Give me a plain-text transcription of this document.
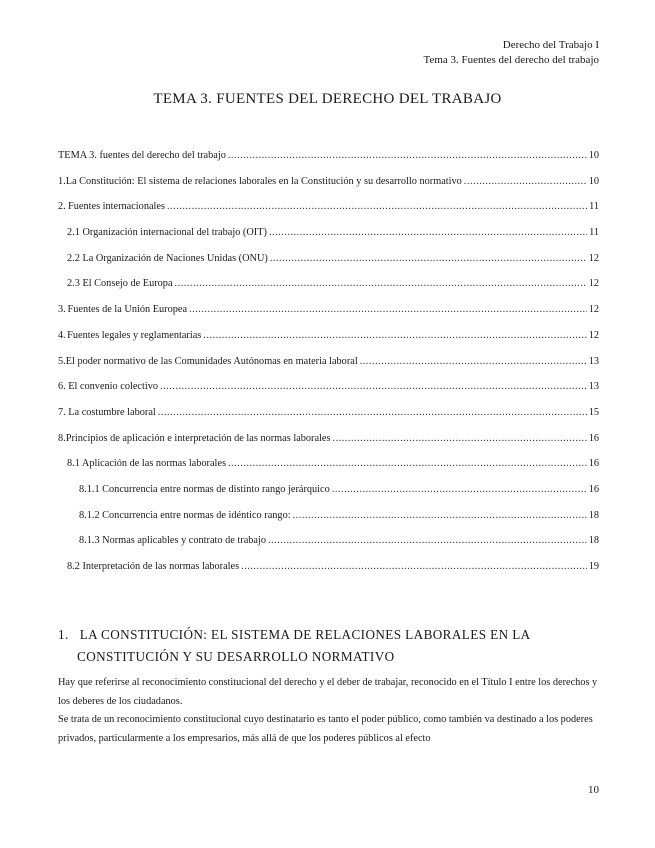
Derecho del Trabajo I
Tema 3. Fuentes del derecho del trabajo
TEMA 3. FUENTES DEL DERECHO DEL TRABAJO
TEMA 3. fuentes del derecho del trabajo .....	10
1. La Constitución: El sistema de relaciones laborales en la Constitución y su desarrollo normativo .....	10
2. Fuentes internacionales .....	11
2.1 Organización internacional del trabajo (OIT) .....	11
2.2 La Organización de Naciones Unidas (ONU) .....	12
2.3 El Consejo de Europa .....	12
3. Fuentes de la Unión Europea .....	12
4. Fuentes legales y reglamentarias .....	12
5. El poder normativo de las Comunidades Autónomas en materia laboral .....	13
6. El convenio colectivo .....	13
7. La costumbre laboral .....	15
8. Principios de aplicación e interpretación de las normas laborales .....	16
8.1 Aplicación de las normas laborales .....	16
8.1.1 Concurrencia entre normas de distinto rango jerárquico .....	16
8.1.2 Concurrencia entre normas de idéntico rango: .....	18
8.1.3 Normas aplicables y contrato de trabajo .....	18
8.2 Interpretación de las normas laborales .....	19
1. LA CONSTITUCIÓN: EL SISTEMA DE RELACIONES LABORALES EN LA
CONSTITUCIÓN Y SU DESARROLLO NORMATIVO

Hay que referirse al reconocimiento constitucional del derecho y el deber de trabajar, reconocido en el Título I entre los derechos y los deberes de los ciudadanos.

Se trata de un reconocimiento constitucional cuyo destinatario es tanto el poder público, como también va destinado a los poderes privados, particularmente a los empresarios, más allá de que los poderes públicos al efecto

10
